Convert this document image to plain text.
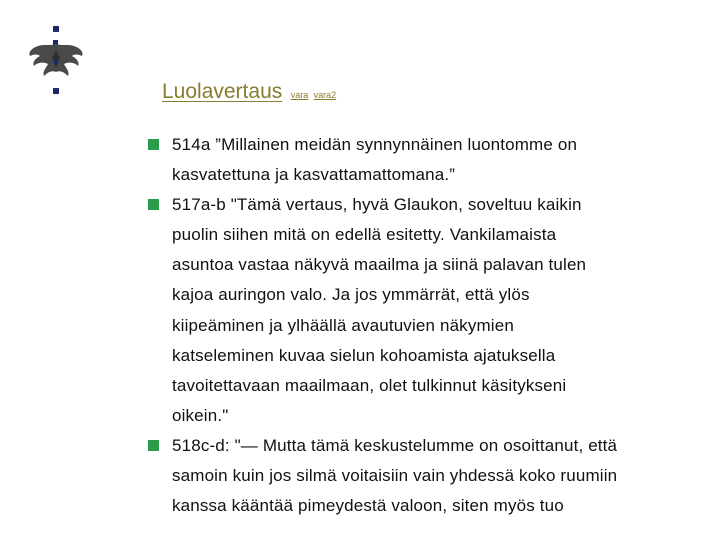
Luolavertaus vara vara2
514a ”Millainen meidän synnynnäinen luontomme on
kasvatettuna ja kasvattamattomana.”
517a-b "Tämä vertaus, hyvä Glaukon, soveltuu kaikin
puolin siihen mitä on edellä esitetty. Vankilamaista
asuntoa vastaa näkyvä maailma ja siinä palavan tulen
kajoa auringon valo. Ja jos ymmärrät, että ylös
kiipeäminen ja ylhäällä avautuvien näkymien
katseleminen kuvaa sielun kohoamista ajatuksella
tavoitettavaan maailmaan, olet tulkinnut käsitykseni
oikein."
518c-d: "— Mutta tämä keskustelumme on osoittanut, että
samoin kuin jos silmä voitaisiin vain yhdessä koko ruumiin
kanssa kääntää pimeydestä valoon, siten myös tuo
